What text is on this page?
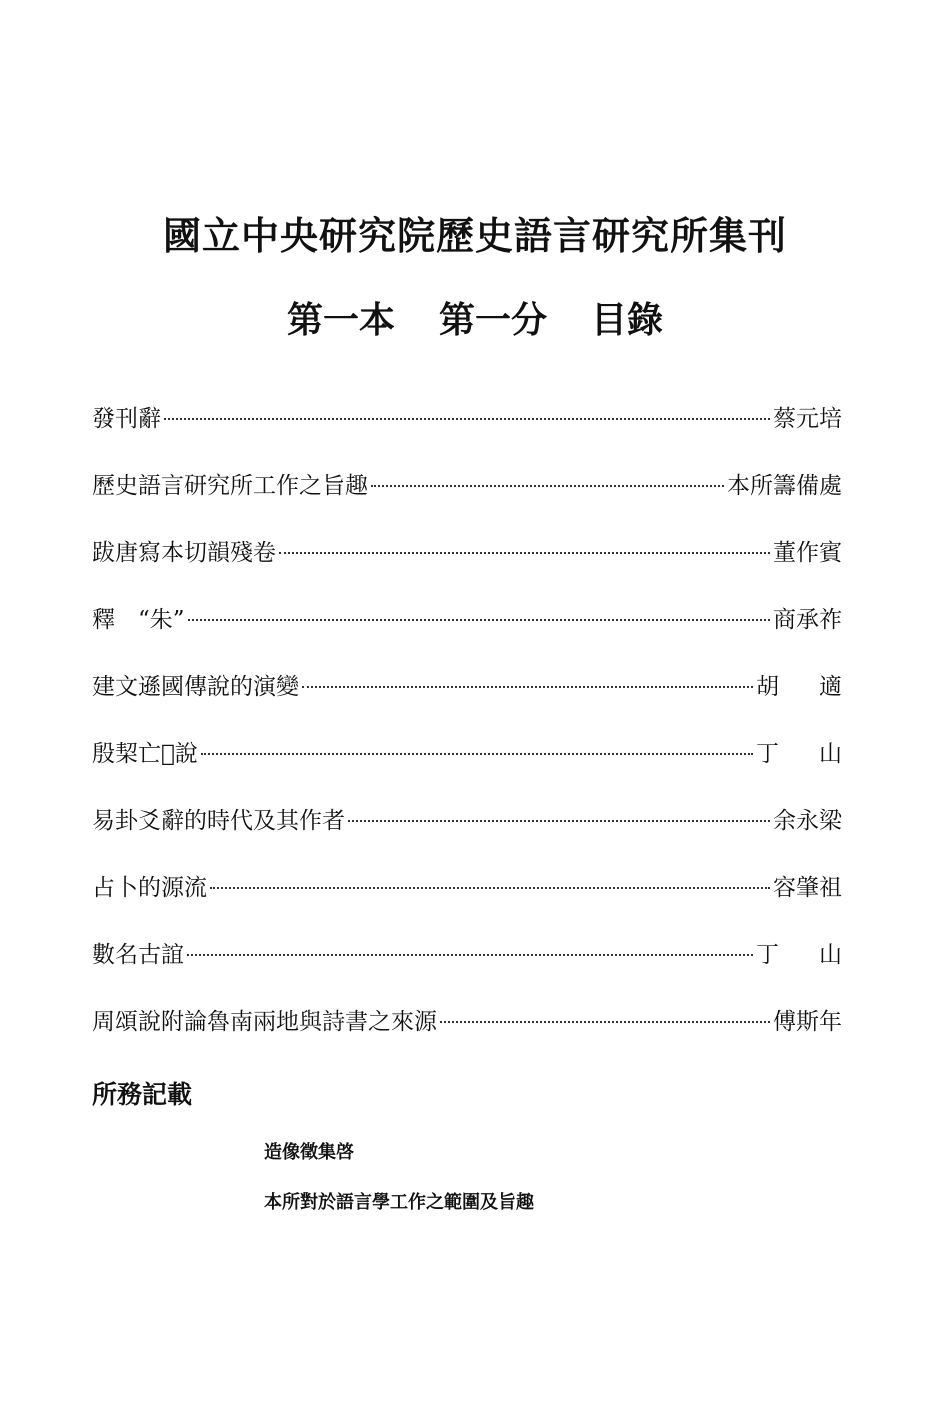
國立中央研究院歷史語言研究所集刊
第一本 第一分 目錄
發刊辭	蔡元培
歷史語言研究所工作之旨趣	本所籌備處
跋唐寫本切韻殘卷	董作賓
釋　“朱”	商承祚
建文遜國傳說的演變	胡適
殷栔亡𠃨說	丁山
易卦爻辭的時代及其作者	余永梁
占卜的源流	容肇祖
數名古誼	丁山
周頌說附論魯南兩地與詩書之來源	傅斯年
所務記載
造像徵集啓
本所對於語言學工作之範圍及旨趣
